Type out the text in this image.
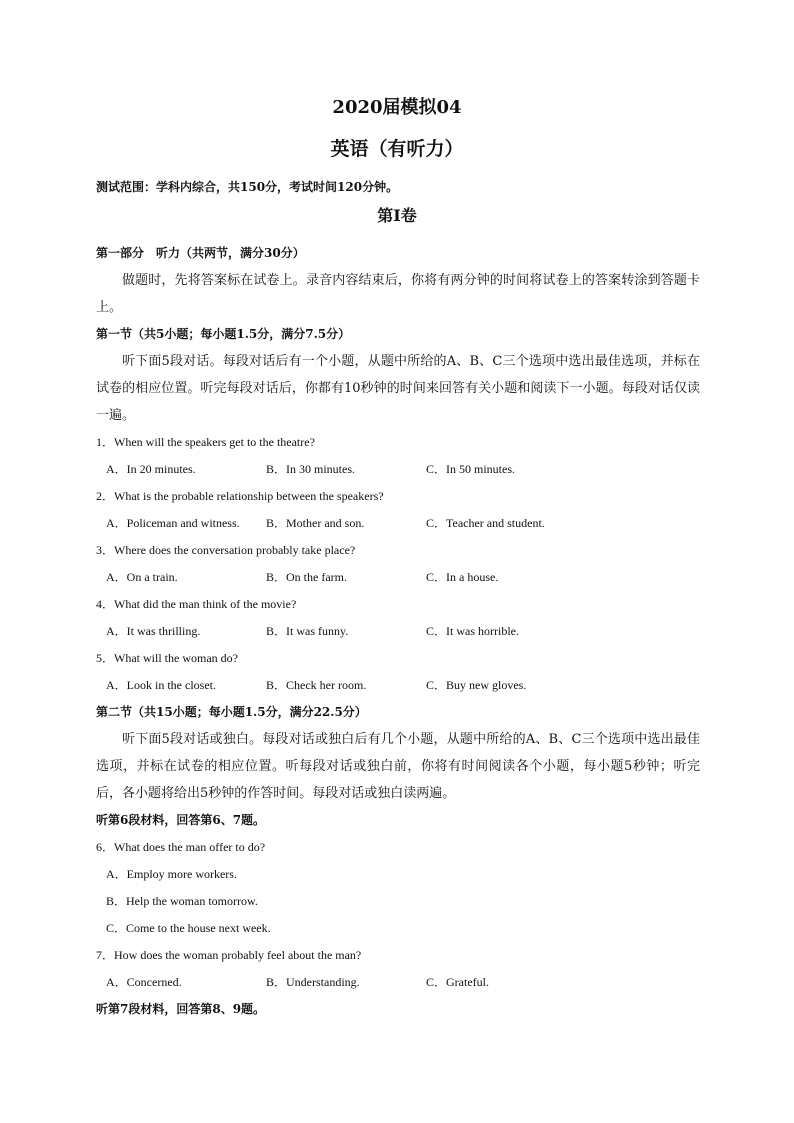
2020届模拟04
英语（有听力）
测试范围：学科内综合，共150分，考试时间120分钟。
第Ⅰ卷
第一部分　听力（共两节，满分30分）

做题时，先将答案标在试卷上。录音内容结束后，你将有两分钟的时间将试卷上的答案转涂到答题卡上。

第一节（共5小题；每小题1.5分，满分7.5分）

听下面5段对话。每段对话后有一个小题，从题中所给的A、B、C三个选项中选出最佳选项，并标在试卷的相应位置。听完每段对话后，你都有10秒钟的时间来回答有关小题和阅读下一小题。每段对话仅读一遍。

1．When will the speakers get to the theatre?
A．In 20 minutes.	B．In 30 minutes.	C．In 50 minutes.
2．What is the probable relationship between the speakers?
A．Policeman and witness. B．Mother and son.	C．Teacher and student.
3．Where does the conversation probably take place?
A．On a train.	B．On the farm.	C．In a house.
4．What did the man think of the movie?
A．It was thrilling.	B．It was funny.	C．It was horrible.
5．What will the woman do?
A．Look in the closet.	B．Check her room.	C．Buy new gloves.
第二节（共15小题；每小题1.5分，满分22.5分）

听下面5段对话或独白。每段对话或独白后有几个小题，从题中所给的A、B、C三个选项中选出最佳选项，并标在试卷的相应位置。听每段对话或独白前，你将有时间阅读各个小题，每小题5秒钟；听完后，各小题将给出5秒钟的作答时间。每段对话或独白读两遍。

听第6段材料，回答第6、7题。
6．What does the man offer to do?
A．Employ more workers.
B．Help the woman tomorrow.
C．Come to the house next week.
7．How does the woman probably feel about the man?
A．Concerned.	B．Understanding.	C．Grateful.
听第7段材料，回答第8、9题。
